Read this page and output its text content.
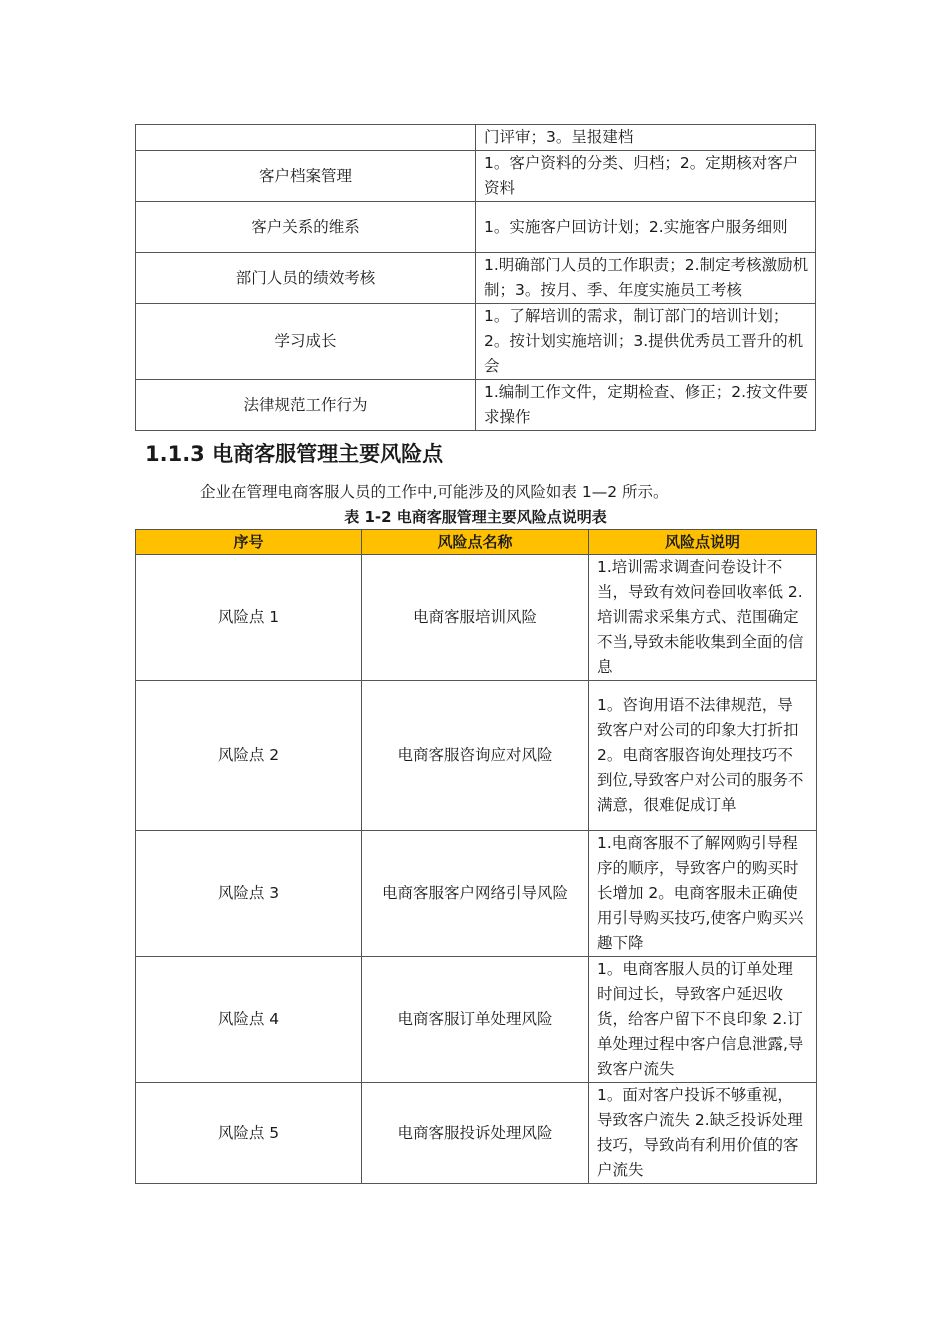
	门评审；3。呈报建档
客户档案管理	1。客户资料的分类、归档；2。定期核对客户资料
客户关系的维系	1。实施客户回访计划；2.实施客户服务细则
部门人员的绩效考核	1.明确部门人员的工作职责；2.制定考核激励机制；3。按月、季、年度实施员工考核
学习成长	1。了解培训的需求，制订部门的培训计划；2。按计划实施培训；3.提供优秀员工晋升的机会
法律规范工作行为	1.编制工作文件，定期检查、修正；2.按文件要求操作
1.1.3 电商客服管理主要风险点

企业在管理电商客服人员的工作中,可能涉及的风险如表 1—2 所示。

表 1-2 电商客服管理主要风险点说明表

序号	风险点名称	风险点说明
风险点 1	电商客服培训风险	1.培训需求调查问卷设计不当，导致有效问卷回收率低 2.培训需求采集方式、范围确定不当,导致未能收集到全面的信息
风险点 2	电商客服咨询应对风险	1。咨询用语不法律规范，导致客户对公司的印象大打折扣 2。电商客服咨询处理技巧不到位,导致客户对公司的服务不满意，很难促成订单
风险点 3	电商客服客户网络引导风险	1.电商客服不了解网购引导程序的顺序，导致客户的购买时长增加 2。电商客服未正确使用引导购买技巧,使客户购买兴趣下降
风险点 4	电商客服订单处理风险	1。电商客服人员的订单处理时间过长，导致客户延迟收货，给客户留下不良印象 2.订单处理过程中客户信息泄露,导致客户流失
风险点 5	电商客服投诉处理风险	1。面对客户投诉不够重视，导致客户流失 2.缺乏投诉处理技巧，导致尚有利用价值的客户流失
